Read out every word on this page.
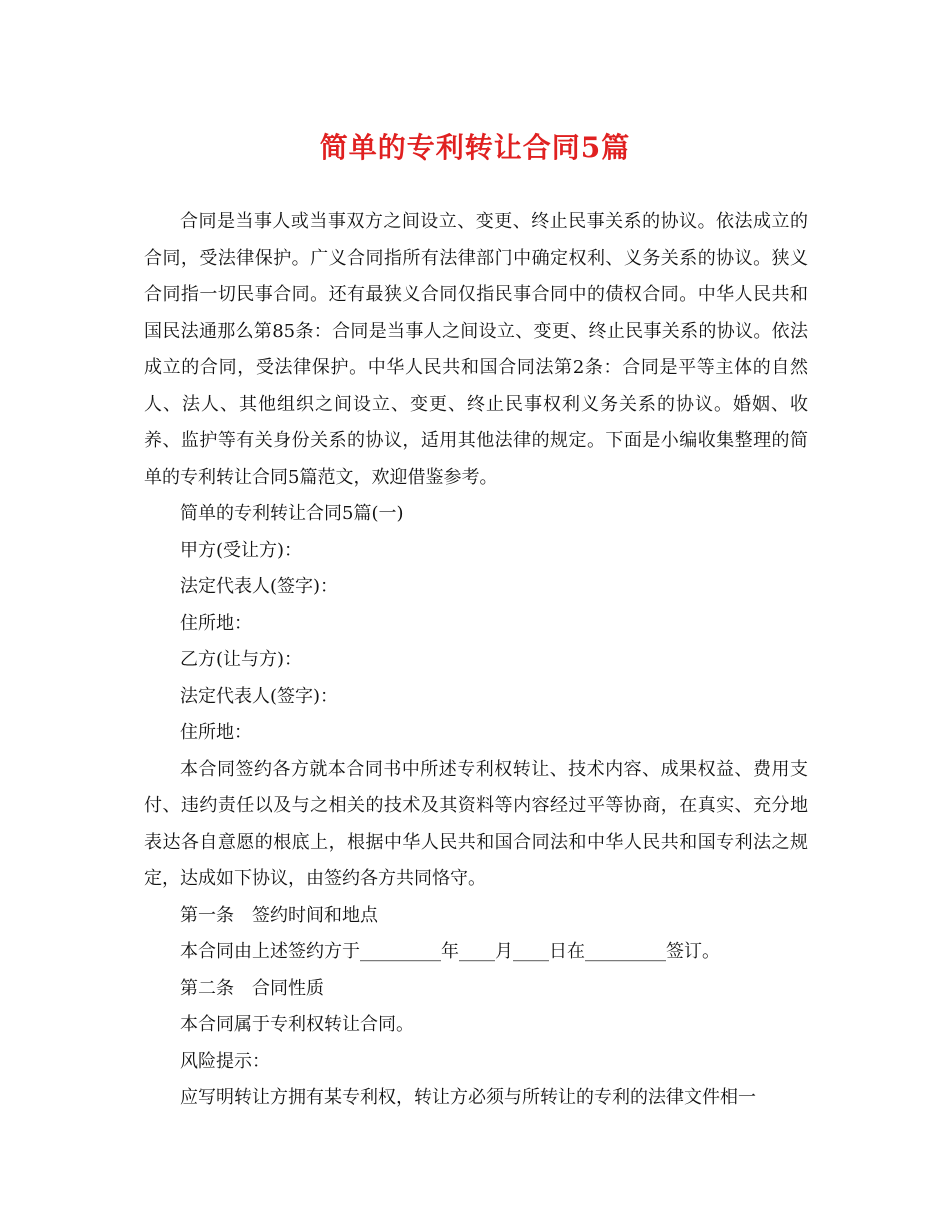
简单的专利转让合同5篇

合同是当事人或当事双方之间设立、变更、终止民事关系的协议。依法成立的合同，受法律保护。广义合同指所有法律部门中确定权利、义务关系的协议。狭义合同指一切民事合同。还有最狭义合同仅指民事合同中的债权合同。中华人民共和国民法通那么第85条：合同是当事人之间设立、变更、终止民事关系的协议。依法成立的合同，受法律保护。中华人民共和国合同法第2条：合同是平等主体的自然人、法人、其他组织之间设立、变更、终止民事权利义务关系的协议。婚姻、收养、监护等有关身份关系的协议，适用其他法律的规定。下面是小编收集整理的简单的专利转让合同5篇范文，欢迎借鉴参考。

简单的专利转让合同5篇(一)

甲方(受让方)：

法定代表人(签字)：

住所地：

乙方(让与方)：

法定代表人(签字)：

住所地：

本合同签约各方就本合同书中所述专利权转让、技术内容、成果权益、费用支付、违约责任以及与之相关的技术及其资料等内容经过平等协商，在真实、充分地表达各自意愿的根底上，根据中华人民共和国合同法和中华人民共和国专利法之规定，达成如下协议，由签约各方共同恪守。

第一条　签约时间和地点

本合同由上述签约方于_________年____月____日在_________签订。

第二条　合同性质

本合同属于专利权转让合同。

风险提示：

应写明转让方拥有某专利权，转让方必须与所转让的专利的法律文件相一
